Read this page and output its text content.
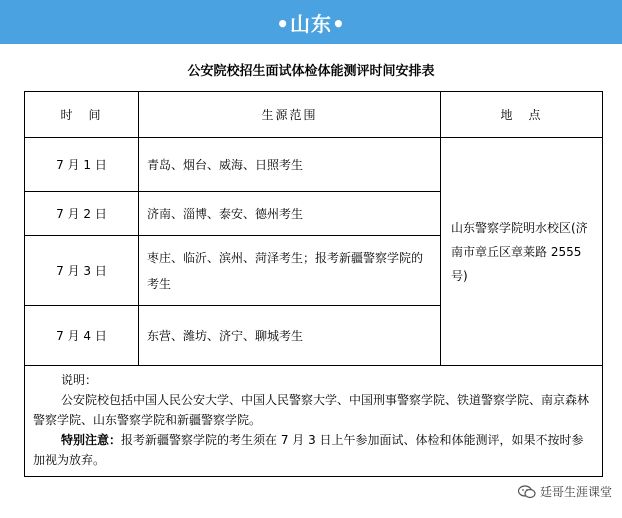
•山东•
公安院校招生面试体检体能测评时间安排表
时　间	生源范围	地　点
7 月 1 日	青岛、烟台、威海、日照考生	山东警察学院明水校区(济南市章丘区章莱路 2555 号)
7 月 2 日	济南、淄博、泰安、德州考生	
7 月 3 日	枣庄、临沂、滨州、菏泽考生；报考新疆警察学院的考生	
7 月 4 日	东营、潍坊、济宁、聊城考生	

说明：
公安院校包括中国人民公安大学、中国人民警察大学、中国刑事警察学院、铁道警察学院、南京森林警察学院、山东警察学院和新疆警察学院。
特别注意：报考新疆警察学院的考生须在 7 月 3 日上午参加面试、体检和体能测评，如果不按时参加视为放弃。		
廷哥生涯课堂
